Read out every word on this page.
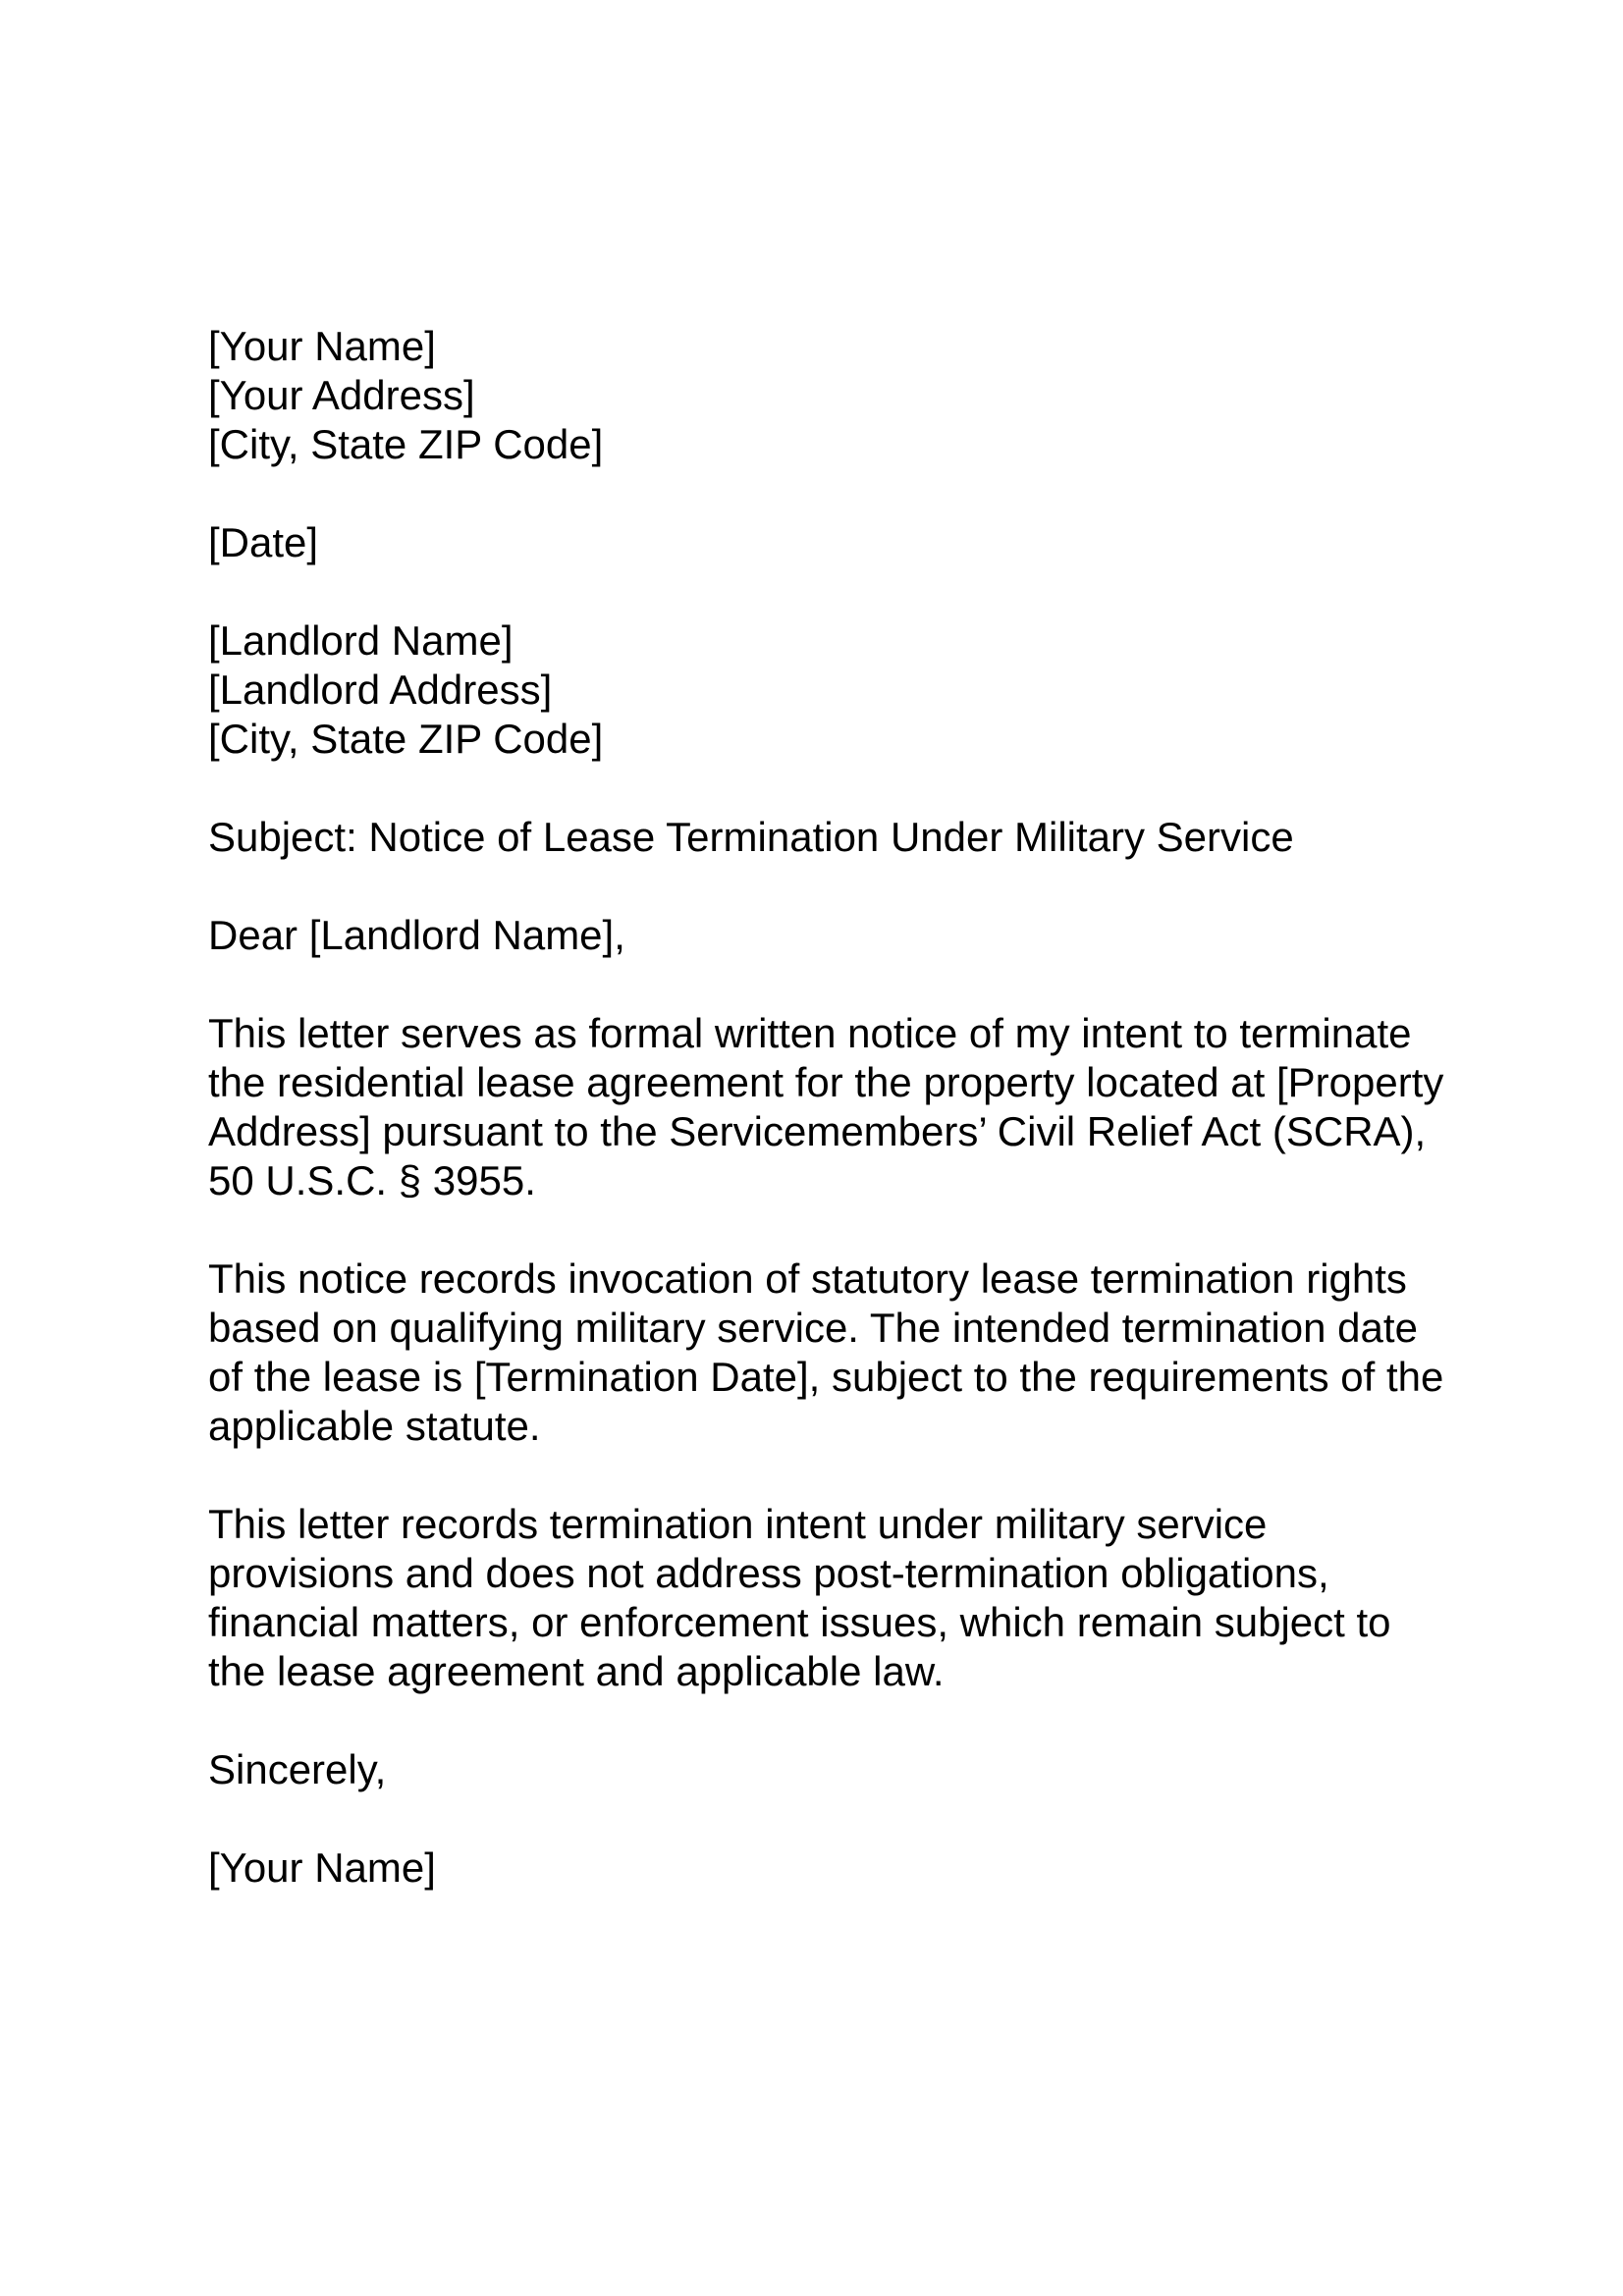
[Your Name]
[Your Address]
[City, State ZIP Code]
[Date]
[Landlord Name]
[Landlord Address]
[City, State ZIP Code]
Subject: Notice of Lease Termination Under Military Service
Dear [Landlord Name],
This letter serves as formal written notice of my intent to terminate
the residential lease agreement for the property located at [Property
Address] pursuant to the Servicemembers’ Civil Relief Act (SCRA),
50 U.S.C. § 3955.
This notice records invocation of statutory lease termination rights
based on qualifying military service. The intended termination date
of the lease is [Termination Date], subject to the requirements of the
applicable statute.
This letter records termination intent under military service
provisions and does not address post-termination obligations,
financial matters, or enforcement issues, which remain subject to
the lease agreement and applicable law.
Sincerely,
[Your Name]
